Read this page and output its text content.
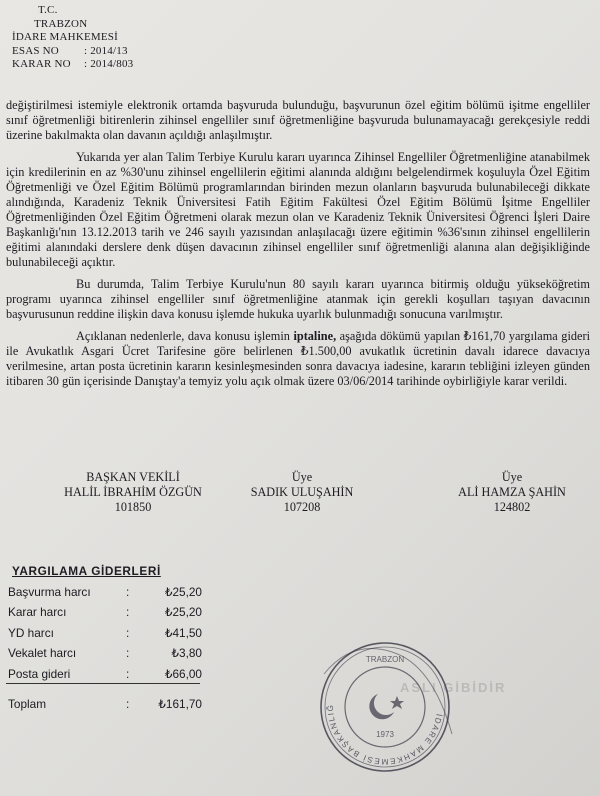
T.C.
TRABZON
İDARE MAHKEMESİ
ESAS NO	: 2014/13
KARAR NO	: 2014/803

değiştirilmesi istemiyle elektronik ortamda başvuruda bulunduğu, başvurunun özel eğitim bölümü işitme engelliler sınıf öğretmenliği bitirenlerin zihinsel engelliler sınıf öğretmenliğine başvuruda bulunamayacağı gerekçesiyle reddi üzerine bakılmakta olan davanın açıldığı anlaşılmıştır.

Yukarıda yer alan Talim Terbiye Kurulu kararı uyarınca Zihinsel Engelliler Öğretmenliğine atanabilmek için kredilerinin en az %30'unu zihinsel engellilerin eğitimi alanında aldığını belgelendirmek koşuluyla Özel Eğitim Öğretmenliği ve Özel Eğitim Bölümü programlarından birinden mezun olanların başvuruda bulunabileceği dikkate alındığında, Karadeniz Teknik Üniversitesi Fatih Eğitim Fakültesi Özel Eğitim Bölümü İşitme Engelliler Öğretmenliğinden Özel Eğitim Öğretmeni olarak mezun olan ve Karadeniz Teknik Üniversitesi Öğrenci İşleri Daire Başkanlığı'nın 13.12.2013 tarih ve 246 sayılı yazısından anlaşılacağı üzere eğitimin %36'sının zihinsel engellilerin eğitimi alanındaki derslere denk düşen davacının zihinsel engelliler sınıf öğretmenliği alanına alan değişikliğinde bulunabileceği açıktır.

Bu durumda, Talim Terbiye Kurulu'nun 80 sayılı kararı uyarınca bitirmiş olduğu yükseköğretim programı uyarınca zihinsel engelliler sınıf öğretmenliğine atanmak için gerekli koşulları taşıyan davacının başvurusunun reddine ilişkin dava konusu işlemde hukuka uyarlık bulunmadığı sonucuna varılmıştır.

Açıklanan nedenlerle, dava konusu işlemin iptaline, aşağıda dökümü yapılan ₺161,70 yargılama gideri ile Avukatlık Asgari Ücret Tarifesine göre belirlenen ₺1.500,00 avukatlık ücretinin davalı idarece davacıya verilmesine, artan posta ücretinin kararın kesinleşmesinden sonra davacıya iadesine, kararın tebliğini izleyen günden itibaren 30 gün içerisinde Danıştay'a temyiz yolu açık olmak üzere 03/06/2014 tarihinde oybirliğiyle karar verildi.

BAŞKAN VEKİLİ
HALİL İBRAHİM ÖZGÜN
101850
Üye
SADIK ULUŞAHİN
107208
Üye
ALİ HAMZA ŞAHİN
124802
YARGILAMA GİDERLERİ
Başvurma harcı	:	₺25,20
Karar harcı	:	₺25,20
YD harcı	:	₺41,50
Vekalet harcı	:	₺3,80
Posta gideri	:	₺66,00
Toplam	:	₺161,70
ASLI GİBİDİR
İDARE MAHKEMESİ BAŞKANLIĞ
TRABZON
1973
